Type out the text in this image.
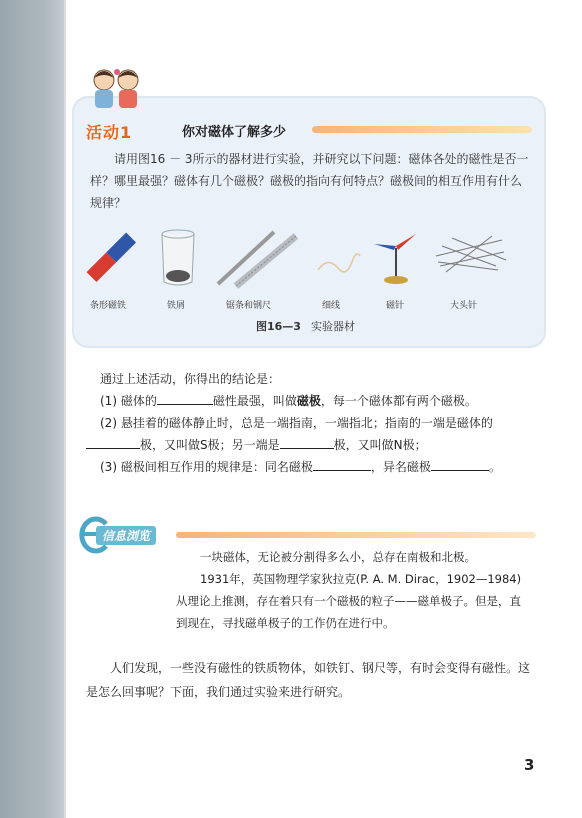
活动1	你对磁体了解多少
请用图16 － 3所示的器材进行实验，并研究以下问题：磁体各处的磁性是否一样？哪里最强？磁体有几个磁极？磁极的指向有何特点？磁极间的相互作用有什么规律？
条形磁铁	铁屑	锯条和钢尺	细线	磁针	大头针
图16—3 实验器材

通过上述活动，你得出的结论是：

(1) 磁体的	磁性最强，叫做磁极，每一个磁体都有两个磁极。

(2) 悬挂着的磁体静止时，总是一端指南，一端指北；指南的一端是磁体的极，又叫做S极；另一端是	极，又叫做N极；

(3) 磁极间相互作用的规律是：同名磁极	，异名磁极	。

信息浏览

一块磁体，无论被分割得多么小，总存在南极和北极。

1931年，英国物理学家狄拉克(P. A. M. Dirac，1902—1984)从理论上推测，存在着只有一个磁极的粒子——磁单极子。但是，直到现在，寻找磁单极子的工作仍在进行中。

人们发现，一些没有磁性的铁质物体，如铁钉、钢尺等，有时会变得有磁性。这是怎么回事呢？下面，我们通过实验来进行研究。
3
